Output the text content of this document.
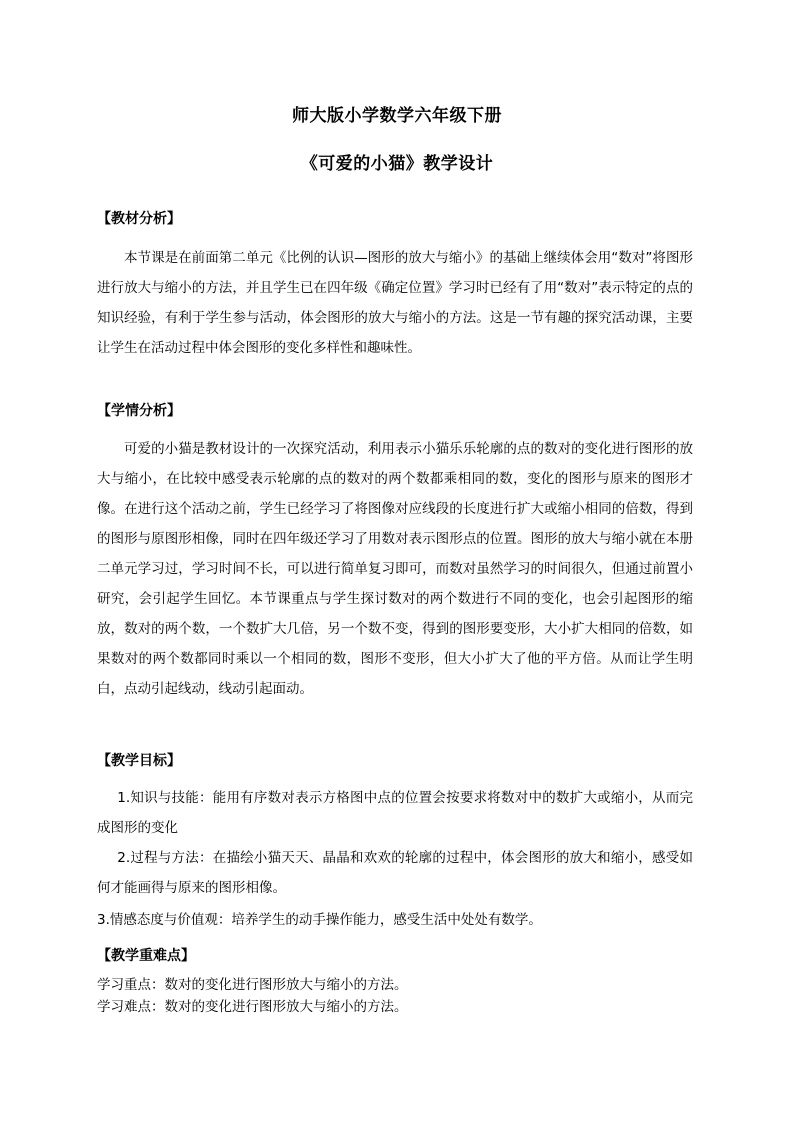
师大版小学数学六年级下册
《可爱的小猫》教学设计
【教材分析】
本节课是在前面第二单元《比例的认识—图形的放大与缩小》的基础上继续体会用“数对”将图形进行放大与缩小的方法，并且学生已在四年级《确定位置》学习时已经有了用“数对”表示特定的点的知识经验，有利于学生参与活动，体会图形的放大与缩小的方法。这是一节有趣的探究活动课，主要让学生在活动过程中体会图形的变化多样性和趣味性。
【学情分析】
可爱的小猫是教材设计的一次探究活动，利用表示小猫乐乐轮廓的点的数对的变化进行图形的放大与缩小，在比较中感受表示轮廓的点的数对的两个数都乘相同的数，变化的图形与原来的图形才像。在进行这个活动之前，学生已经学习了将图像对应线段的长度进行扩大或缩小相同的倍数，得到的图形与原图形相像，同时在四年级还学习了用数对表示图形点的位置。图形的放大与缩小就在本册二单元学习过，学习时间不长，可以进行简单复习即可，而数对虽然学习的时间很久，但通过前置小研究，会引起学生回忆。本节课重点与学生探讨数对的两个数进行不同的变化，也会引起图形的缩放，数对的两个数，一个数扩大几倍，另一个数不变，得到的图形要变形，大小扩大相同的倍数，如果数对的两个数都同时乘以一个相同的数，图形不变形，但大小扩大了他的平方倍。从而让学生明白，点动引起线动，线动引起面动。
【教学目标】
1.知识与技能：能用有序数对表示方格图中点的位置会按要求将数对中的数扩大或缩小，从而完成图形的变化
2.过程与方法：在描绘小猫天天、晶晶和欢欢的轮廓的过程中，体会图形的放大和缩小，感受如何才能画得与原来的图形相像。
3.情感态度与价值观：培养学生的动手操作能力，感受生活中处处有数学。
【教学重难点】
学习重点：数对的变化进行图形放大与缩小的方法。
学习难点：数对的变化进行图形放大与缩小的方法。
